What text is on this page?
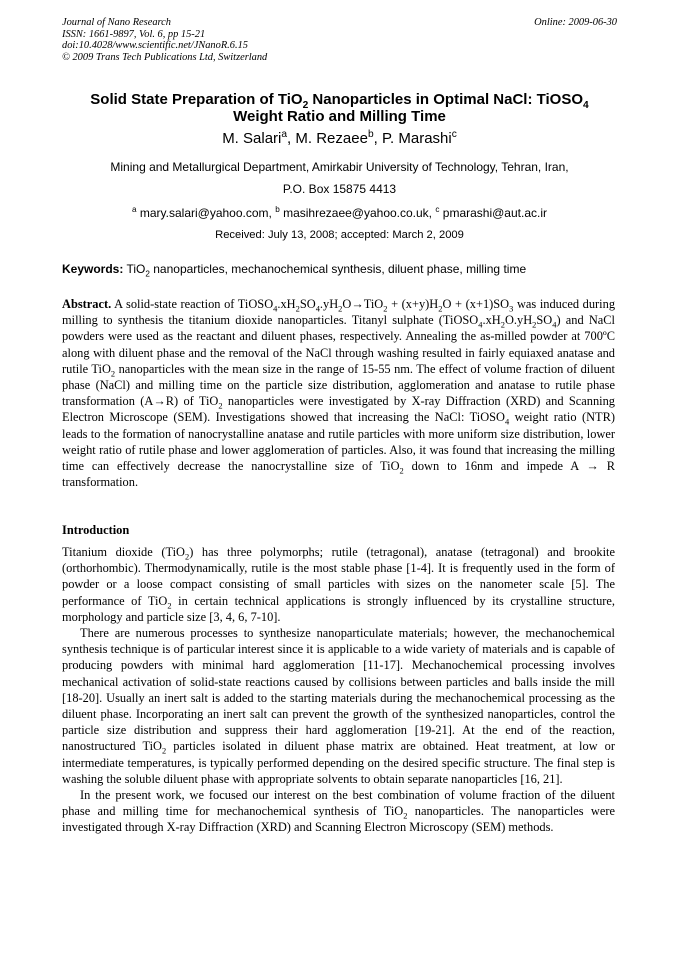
Journal of Nano Research
ISSN: 1661-9897, Vol. 6, pp 15-21
doi:10.4028/www.scientific.net/JNanoR.6.15
© 2009 Trans Tech Publications Ltd, Switzerland
Online: 2009-06-30
Solid State Preparation of TiO$_2$ Nanoparticles in Optimal NaCl: TiOSO$_4$
Weight Ratio and Milling Time
M. Salari$^a$, M. Rezaee$^b$, P. Marashi$^c$
Mining and Metallurgical Department, Amirkabir University of Technology, Tehran, Iran,
P.O. Box 15875 4413
$^a$ mary.salari@yahoo.com, $^b$ masihrezaee@yahoo.co.uk, $^c$ pmarashi@aut.ac.ir
Received: July 13, 2008; accepted: March 2, 2009
Keywords: TiO$_2$ nanoparticles, mechanochemical synthesis, diluent phase, milling time
Abstract. A solid-state reaction of $TiOSO_4.xH_2SO_4.yH_2O\to TiO_2 + (x+y)H_2O + (x+1)SO_3$ was induced during milling to synthesis the titanium dioxide nanoparticles. Titanyl sulphate $(TiOSO_4.xH_2O.yH_2SO_4)$ and NaCl powders were used as the reactant and diluent phases, respectively. Annealing the as-milled powder at 700ºC along with diluent phase and the removal of the NaCl through washing resulted in fairly equiaxed anatase and rutile TiO$_2$ nanoparticles with the mean size in the range of 15-55 nm. The effect of volume fraction of diluent phase (NaCl) and milling time on the particle size distribution, agglomeration and anatase to rutile phase transformation (A→R) of TiO$_2$ nanoparticles were investigated by X-ray Diffraction (XRD) and Scanning Electron Microscope (SEM). Investigations showed that increasing the NaCl: TiOSO$_4$ weight ratio (NTR) leads to the formation of nanocrystalline anatase and rutile particles with more uniform size distribution, lower weight ratio of rutile phase and lower agglomeration of particles. Also, it was found that increasing the milling time can effectively decrease the nanocrystalline size of TiO$_2$ down to 16nm and impede A → R transformation.
Introduction

Titanium dioxide (TiO$_2$) has three polymorphs; rutile (tetragonal), anatase (tetragonal) and brookite (orthorhombic). Thermodynamically, rutile is the most stable phase [1-4]. It is frequently used in the form of powder or a loose compact consisting of small particles with sizes on the nanometer scale [5]. The performance of TiO$_2$ in certain technical applications is strongly influenced by its crystalline structure, morphology and particle size [3, 4, 6, 7-10].

There are numerous processes to synthesize nanoparticulate materials; however, the mechanochemical synthesis technique is of particular interest since it is applicable to a wide variety of materials and is capable of producing powders with minimal hard agglomeration [11-17]. Mechanochemical processing involves mechanical activation of solid-state reactions caused by collisions between particles and balls inside the mill [18-20]. Usually an inert salt is added to the starting materials during the mechanochemical processing as the diluent phase. Incorporating an inert salt can prevent the growth of the synthesized nanoparticles, control the particle size distribution and suppress their hard agglomeration [19-21]. At the end of the reaction, nanostructured TiO$_2$ particles isolated in diluent phase matrix are obtained. Heat treatment, at low or intermediate temperatures, is typically performed depending on the desired specific structure. The final step is washing the soluble diluent phase with appropriate solvents to obtain separate nanoparticles [16, 21].

In the present work, we focused our interest on the best combination of volume fraction of the diluent phase and milling time for mechanochemical synthesis of TiO$_2$ nanoparticles. The nanoparticles were investigated through X-ray Diffraction (XRD) and Scanning Electron Microscopy (SEM) methods.
